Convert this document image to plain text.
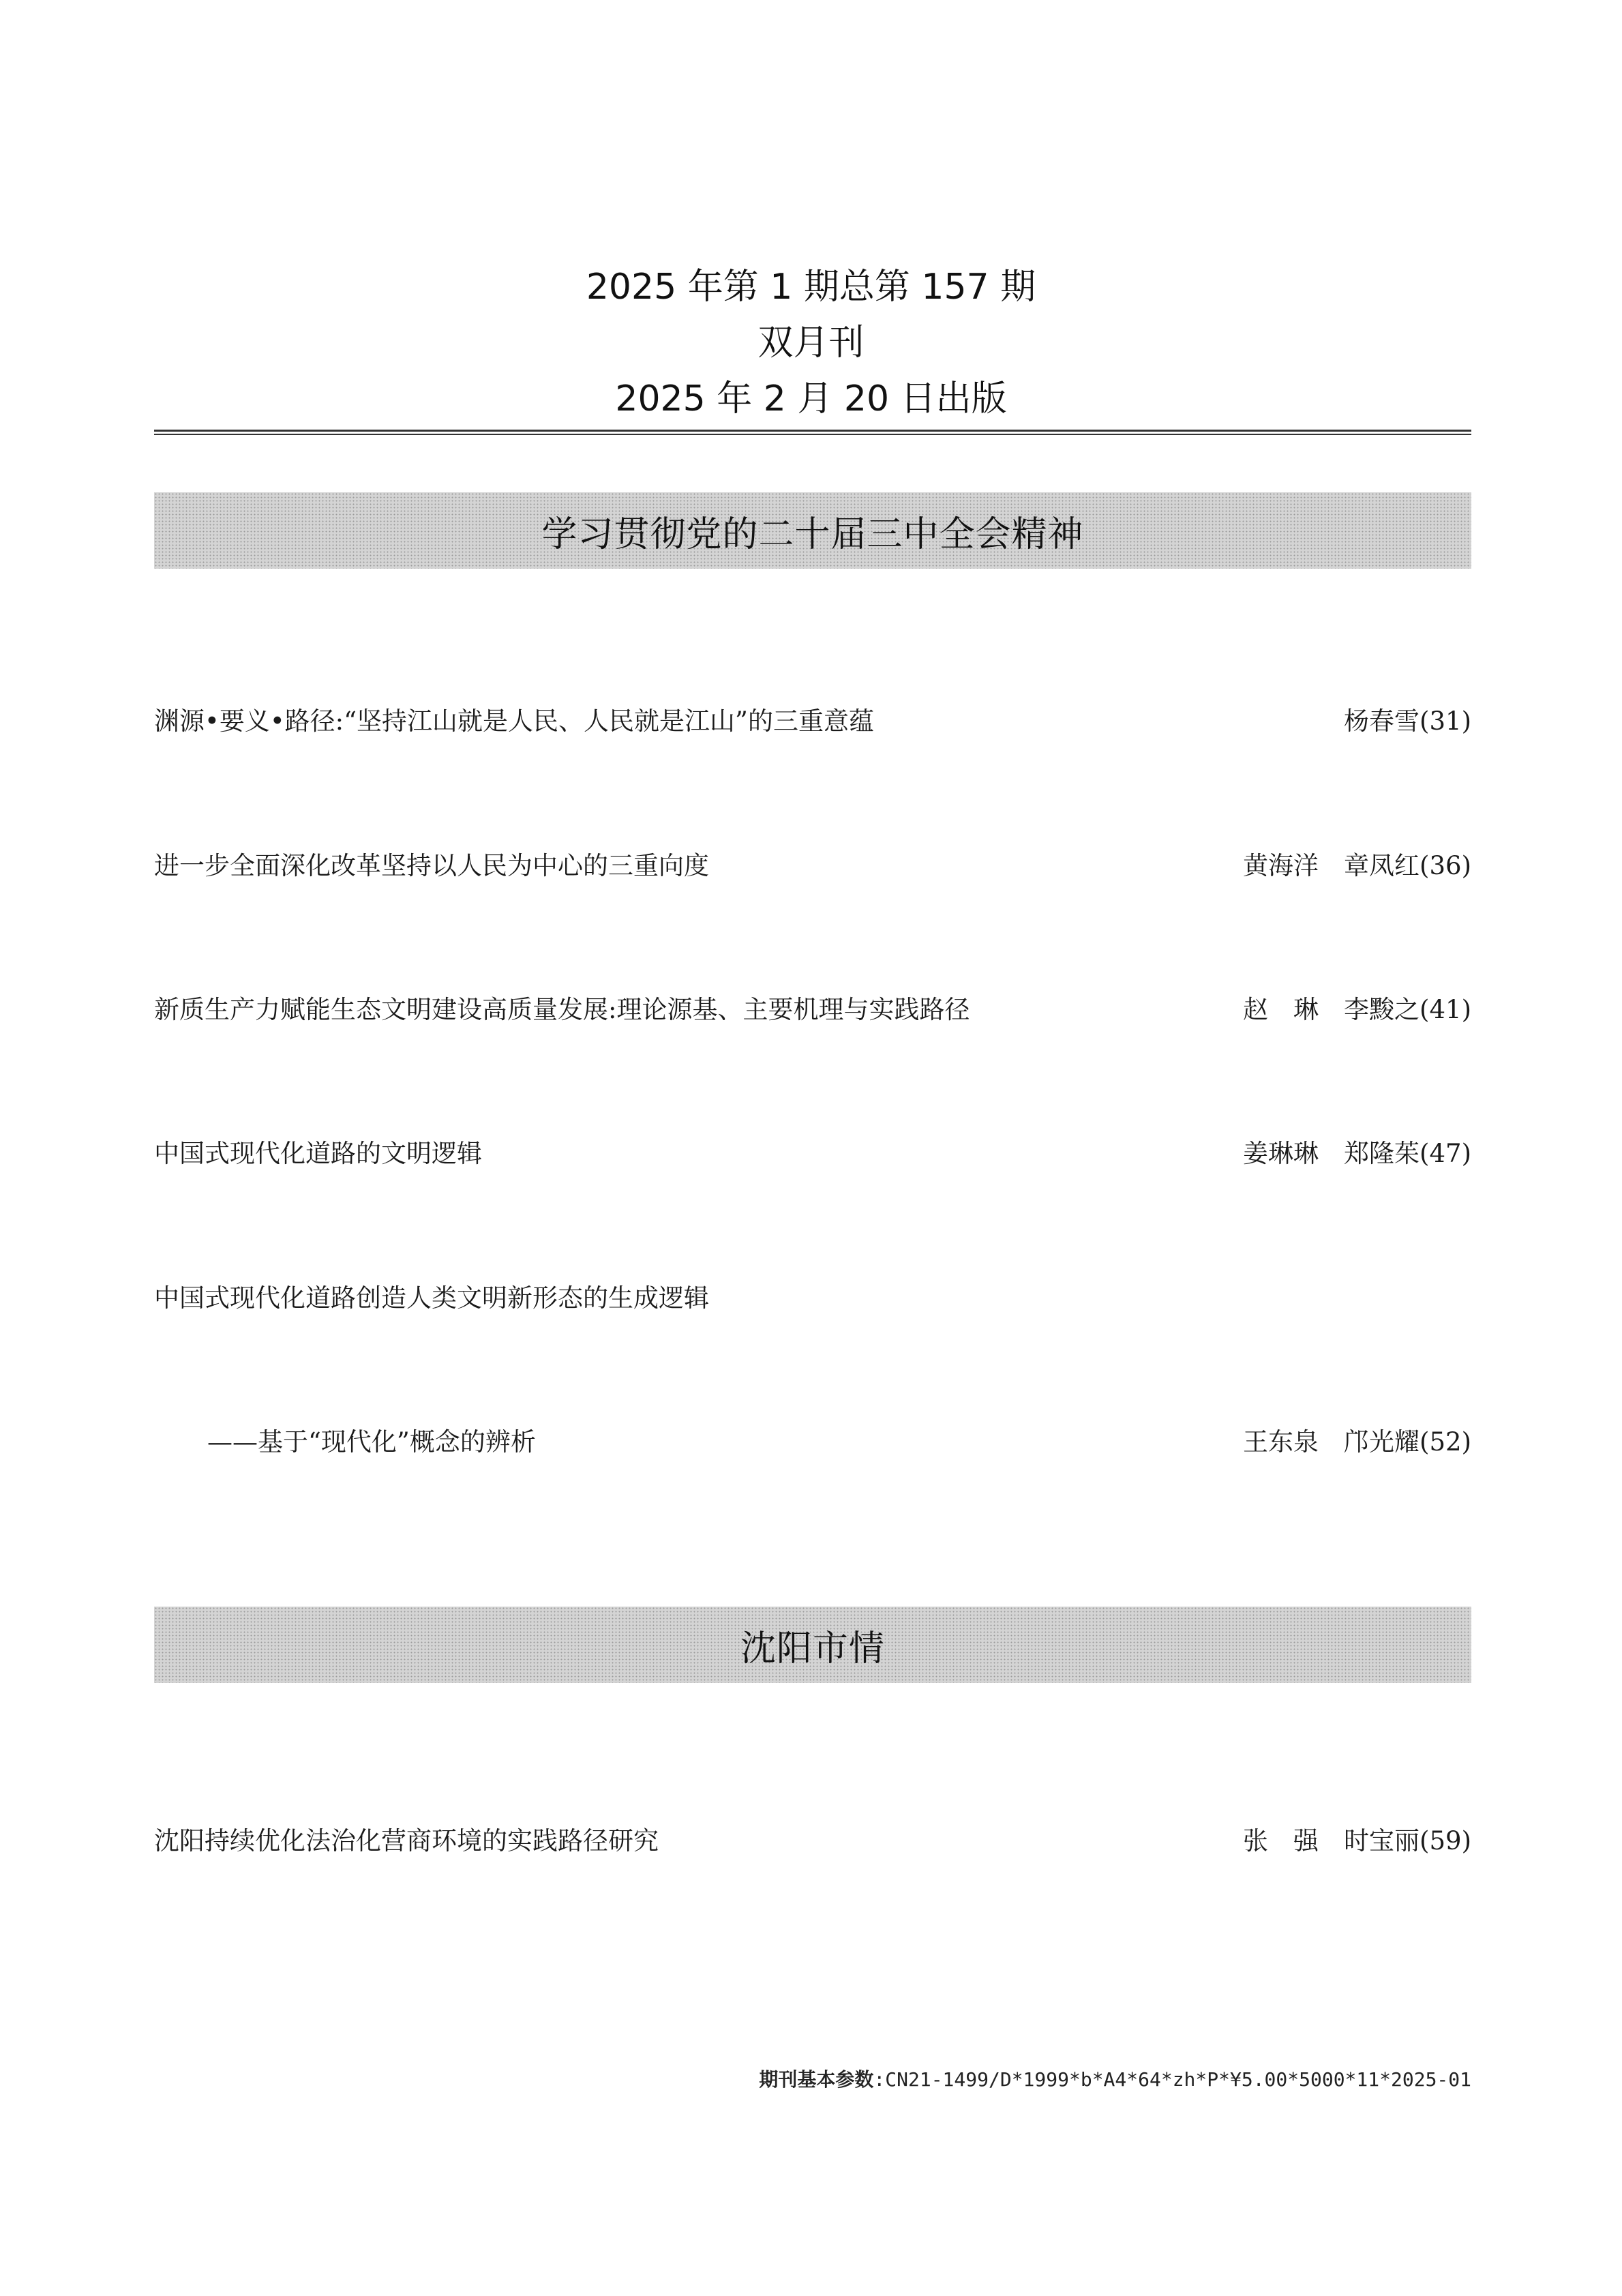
2025 年第 1 期总第 157 期
双月刊
2025 年 2 月 20 日出版
学习贯彻党的二十届三中全会精神
渊源•要义•路径:“坚持江山就是人民、人民就是江山”的三重意蕴	杨春雪(31)
进一步全面深化改革坚持以人民为中心的三重向度	黄海洋　章凤红(36)
新质生产力赋能生态文明建设高质量发展:理论源基、主要机理与实践路径	赵　琳　李黢之(41)
中国式现代化道路的文明逻辑	姜琳琳　郑隆茱(47)
中国式现代化道路创造人类文明新形态的生成逻辑
——基于“现代化”概念的辨析	王东泉　邝光耀(52)
沈阳市情
沈阳持续优化法治化营商环境的实践路径研究	张　强　时宝丽(59)
期刊基本参数:CN21-1499/D*1999*b*A4*64*zh*P*¥5.00*5000*11*2025-01
